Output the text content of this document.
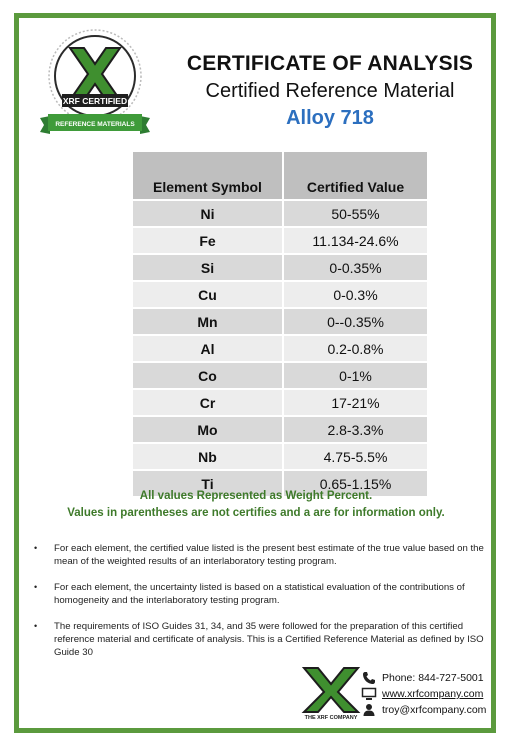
XRF CERTIFIED
REFERENCE MATERIALS
CERTIFICATE OF ANALYSIS
Certified Reference Material
Alloy 718
Element Symbol	Certified Value
Ni	50-55%
Fe	11.134-24.6%
Si	0-0.35%
Cu	0-0.3%
Mn	0--0.35%
Al	0.2-0.8%
Co	0-1%
Cr	17-21%
Mo	2.8-3.3%
Nb	4.75-5.5%
Ti	0.65-1.15%
All values Represented as Weight Percent.
Values in parentheses are not certifies and a are for information only.
•	For each element, the certified value listed is the present best estimate of the true value based on the mean of the weighted results of an interlaboratory testing program.
•	For each element, the uncertainty listed is based on a statistical evaluation of the contributions of homogeneity and the interlaboratory testing program.
•	The requirements of ISO Guides 31, 34, and 35 were followed for the preparation of this certified reference material and certificate of analysis. This is a Certified Reference Material as defined by ISO Guide 30
THE XRF COMPANY
Phone: 844-727-5001
www.xrfcompany.com
troy@xrfcompany.com
